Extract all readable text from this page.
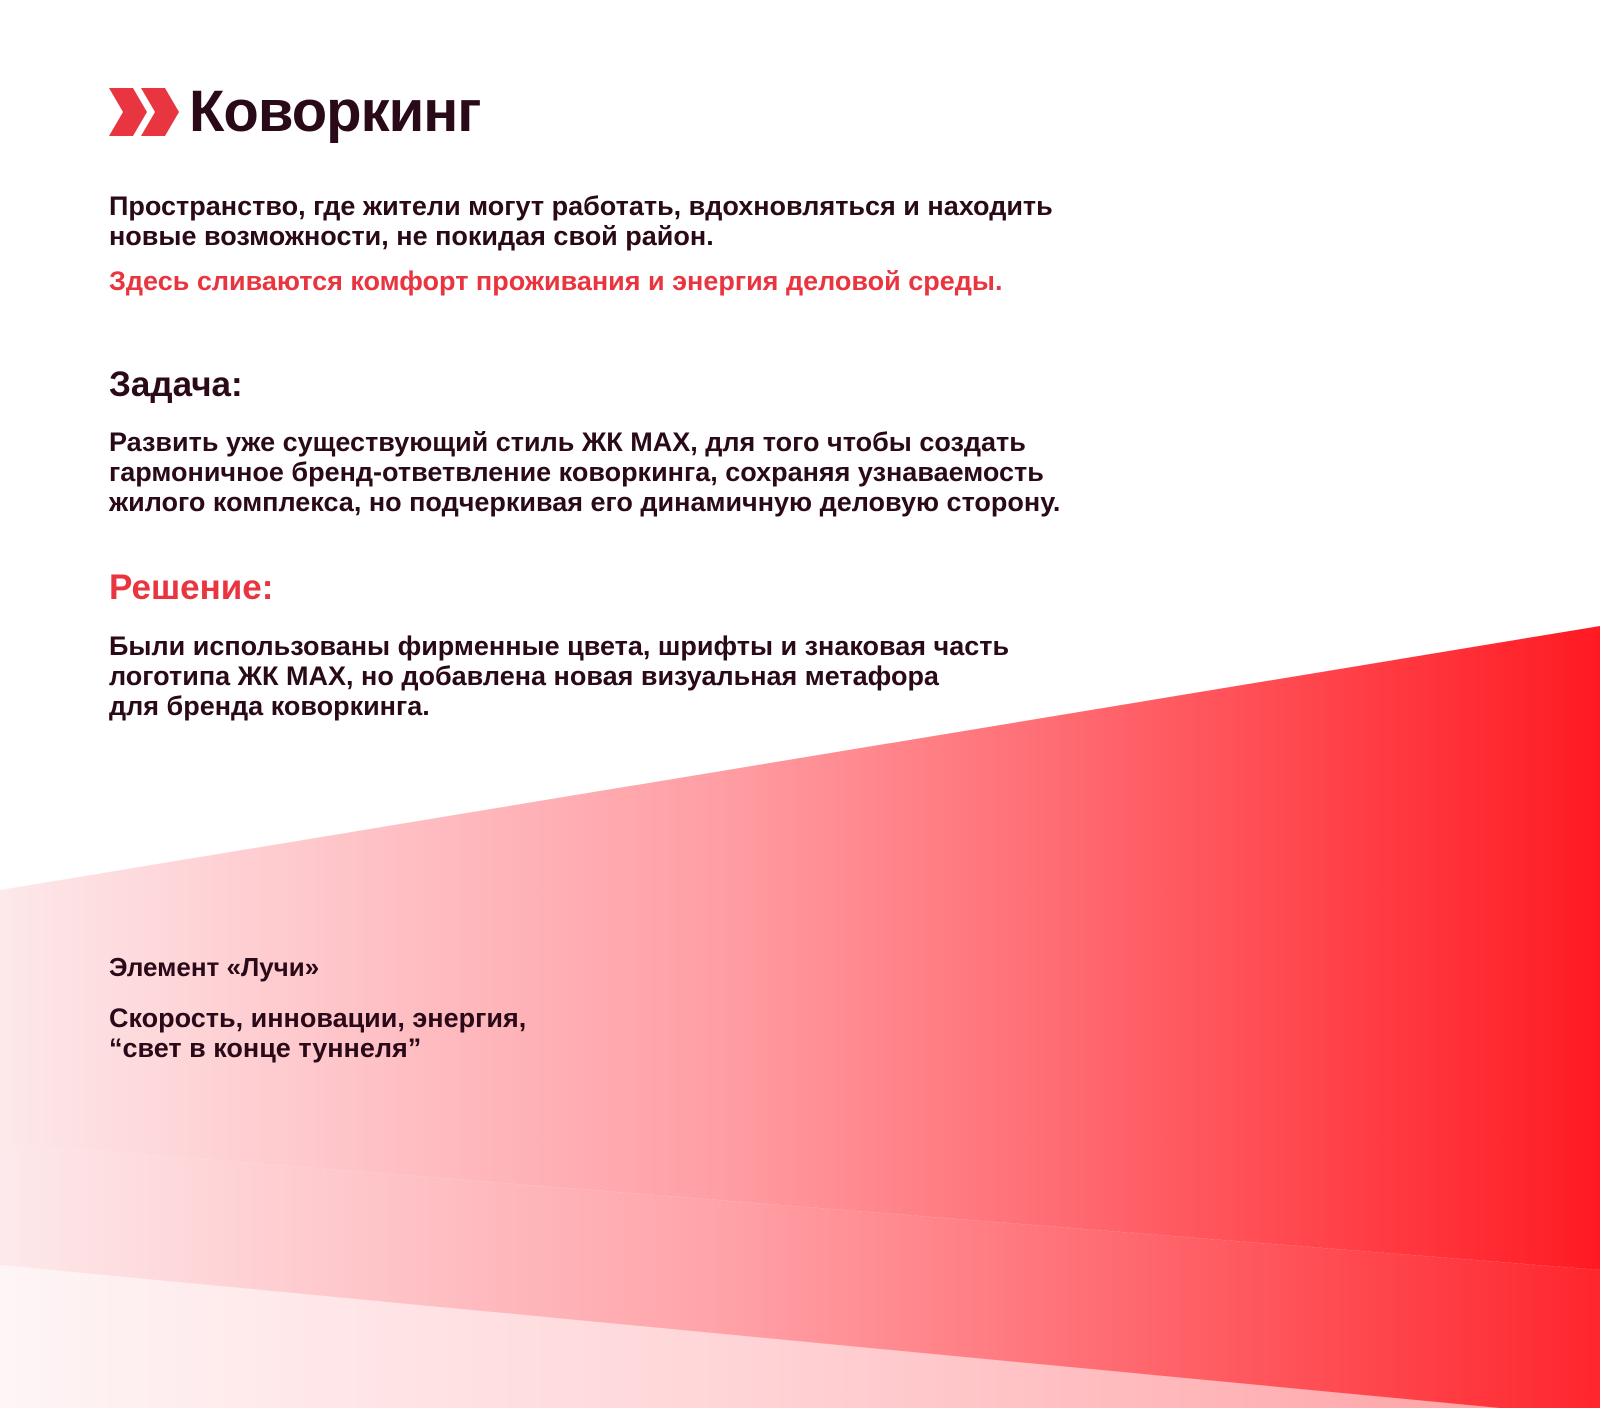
Коворкинг

Пространство, где жители могут работать, вдохновляться и находить
новые возможности, не покидая свой район.

Здесь сливаются комфорт проживания и энергия деловой среды.

Задача:

Развить уже существующий стиль ЖК MAX, для того чтобы создать
гармоничное бренд-ответвление коворкинга, сохраняя узнаваемость
жилого комплекса, но подчеркивая его динамичную деловую сторону.

Решение:

Были использованы фирменные цвета, шрифты и знаковая часть
логотипа ЖК MAX, но добавлена новая визуальная метафора
для бренда коворкинга.

Элемент «Лучи»

Скорость, инновации, энергия,
“свет в конце туннеля”
